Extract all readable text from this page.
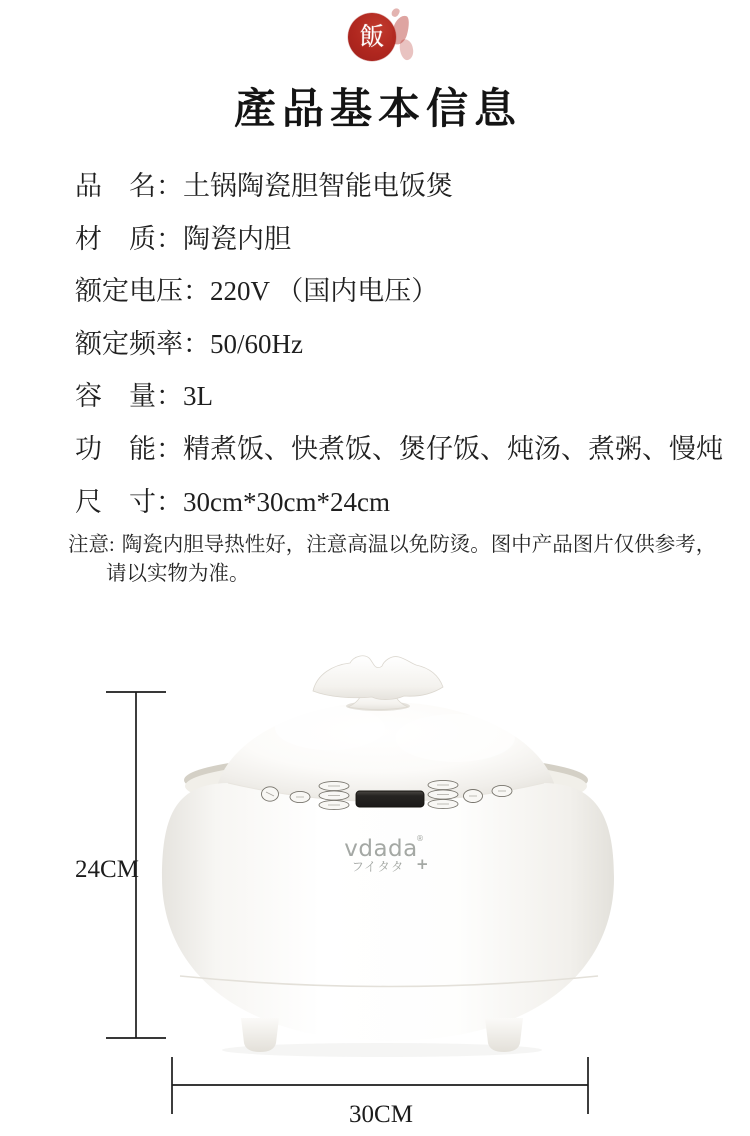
飯
產品基本信息
品　名：土锅陶瓷胆智能电饭煲
材　质：陶瓷内胆
额定电压：220V （国内电压）
额定频率：50/60Hz
容　量：3L
功　能：精煮饭、快煮饭、煲仔饭、炖汤、煮粥、慢炖
尺　寸：30cm*30cm*24cm
注意: 陶瓷内胆导热性好，注意高温以免防烫。图中产品图片仅供参考，
请以实物为准。
24CM
30CM
vdada
®
フイタタ +
